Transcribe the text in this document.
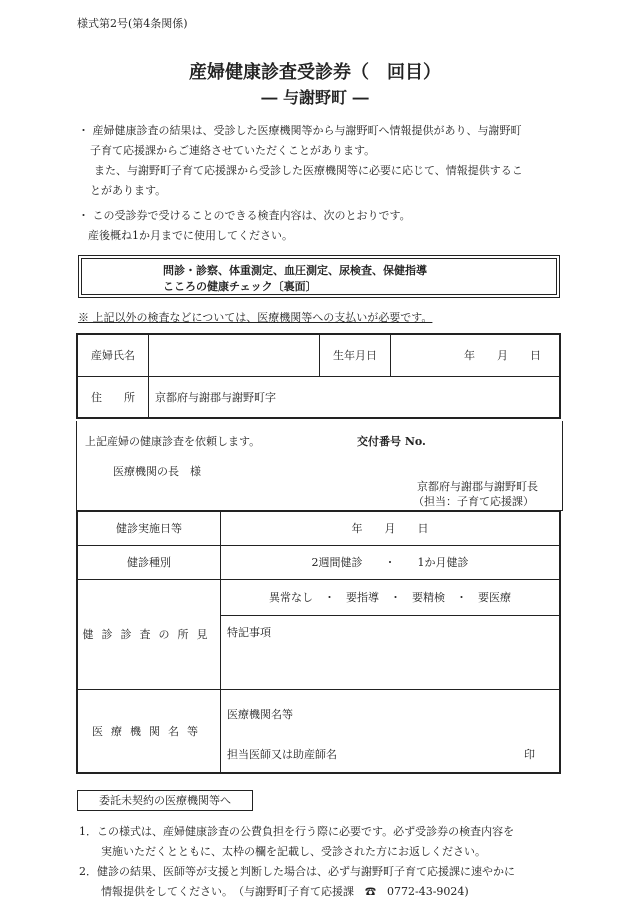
様式第2号(第4条関係)
産婦健康診査受診券（　回目）
― 与謝野町 ―
・ 産婦健康診査の結果は、受診した医療機関等から与謝野町へ情報提供があり、与謝野町
子育て応援課からご連絡させていただくことがあります。
また、与謝野町子育て応援課から受診した医療機関等に必要に応じて、情報提供するこ
とがあります。
・ この受診券で受けることのできる検査内容は、次のとおりです。
産後概ね1か月までに使用してください。
問診・診察、体重測定、血圧測定、尿検査、保健指導
こころの健康チェック〔裏面〕
※ 上記以外の検査などについては、医療機関等への支払いが必要です。
産婦氏名		生年月日	年　　月　　日
住　　所	京都府与謝郡与謝野町字		
上記産婦の健康診査を依頼します。	交付番号 No.
医療機関の長　様
京都府与謝郡与謝野町長
（担当：子育て応援課）
健診実施日等	年　　月　　日
健診種別	2週間健診　　・　　1か月健診
健診診査の所見	異常なし　・　要指導　・　要精検　・　要医療
	特記事項
医療機関名等	医療機関名等
担当医師又は助産師名 印
委託未契約の医療機関等へ
1．この様式は、産婦健康診査の公費負担を行う際に必要です。必ず受診券の検査内容を
実施いただくとともに、太枠の欄を記載し、受診された方にお返しください。
2．健診の結果、医師等が支援と判断した場合は、必ず与謝野町子育て応援課に速やかに
情報提供をしてください。　（与謝野町子育て応援課　☎　0772-43-9024)
